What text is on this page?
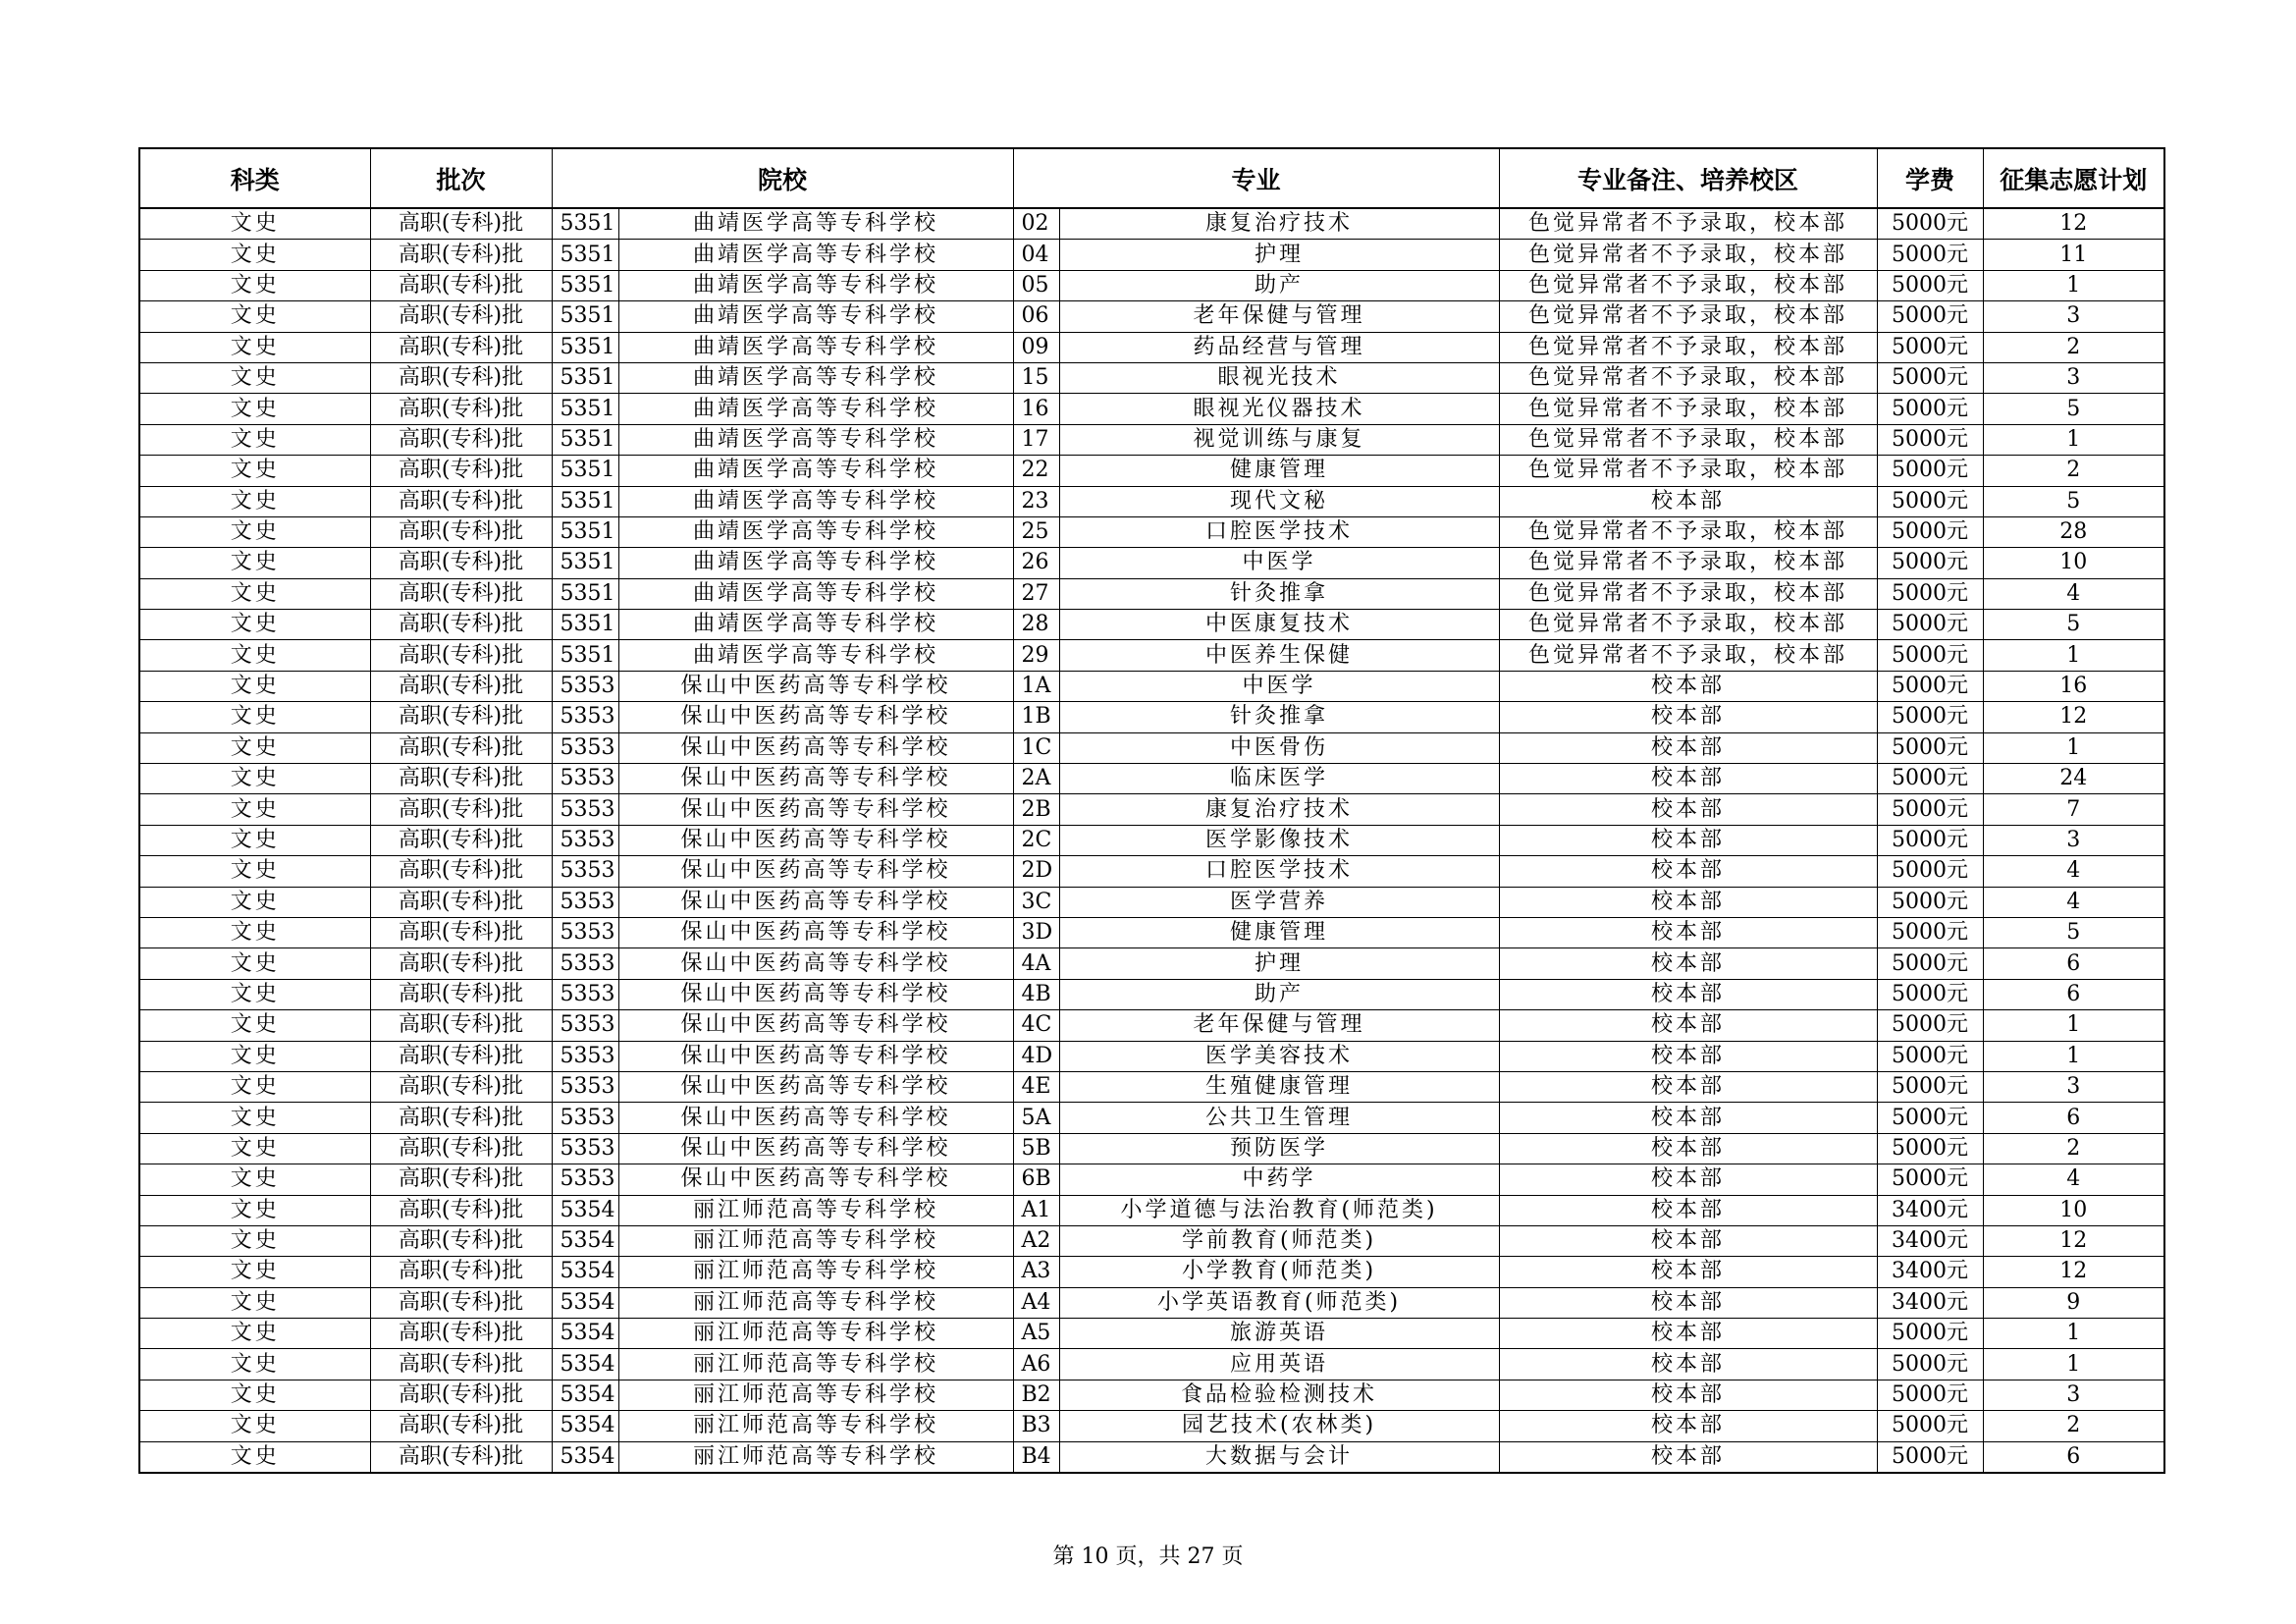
科类	批次	院校		专业		专业备注、培养校区	学费	征集志愿计划
文史	高职(专科)批	5351	曲靖医学高等专科学校	02	康复治疗技术	色觉异常者不予录取，校本部	5000元	12
文史	高职(专科)批	5351	曲靖医学高等专科学校	04	护理	色觉异常者不予录取，校本部	5000元	11
文史	高职(专科)批	5351	曲靖医学高等专科学校	05	助产	色觉异常者不予录取，校本部	5000元	1
文史	高职(专科)批	5351	曲靖医学高等专科学校	06	老年保健与管理	色觉异常者不予录取，校本部	5000元	3
文史	高职(专科)批	5351	曲靖医学高等专科学校	09	药品经营与管理	色觉异常者不予录取，校本部	5000元	2
文史	高职(专科)批	5351	曲靖医学高等专科学校	15	眼视光技术	色觉异常者不予录取，校本部	5000元	3
文史	高职(专科)批	5351	曲靖医学高等专科学校	16	眼视光仪器技术	色觉异常者不予录取，校本部	5000元	5
文史	高职(专科)批	5351	曲靖医学高等专科学校	17	视觉训练与康复	色觉异常者不予录取，校本部	5000元	1
文史	高职(专科)批	5351	曲靖医学高等专科学校	22	健康管理	色觉异常者不予录取，校本部	5000元	2
文史	高职(专科)批	5351	曲靖医学高等专科学校	23	现代文秘	校本部	5000元	5
文史	高职(专科)批	5351	曲靖医学高等专科学校	25	口腔医学技术	色觉异常者不予录取，校本部	5000元	28
文史	高职(专科)批	5351	曲靖医学高等专科学校	26	中医学	色觉异常者不予录取，校本部	5000元	10
文史	高职(专科)批	5351	曲靖医学高等专科学校	27	针灸推拿	色觉异常者不予录取，校本部	5000元	4
文史	高职(专科)批	5351	曲靖医学高等专科学校	28	中医康复技术	色觉异常者不予录取，校本部	5000元	5
文史	高职(专科)批	5351	曲靖医学高等专科学校	29	中医养生保健	色觉异常者不予录取，校本部	5000元	1
文史	高职(专科)批	5353	保山中医药高等专科学校	1A	中医学	校本部	5000元	16
文史	高职(专科)批	5353	保山中医药高等专科学校	1B	针灸推拿	校本部	5000元	12
文史	高职(专科)批	5353	保山中医药高等专科学校	1C	中医骨伤	校本部	5000元	1
文史	高职(专科)批	5353	保山中医药高等专科学校	2A	临床医学	校本部	5000元	24
文史	高职(专科)批	5353	保山中医药高等专科学校	2B	康复治疗技术	校本部	5000元	7
文史	高职(专科)批	5353	保山中医药高等专科学校	2C	医学影像技术	校本部	5000元	3
文史	高职(专科)批	5353	保山中医药高等专科学校	2D	口腔医学技术	校本部	5000元	4
文史	高职(专科)批	5353	保山中医药高等专科学校	3C	医学营养	校本部	5000元	4
文史	高职(专科)批	5353	保山中医药高等专科学校	3D	健康管理	校本部	5000元	5
文史	高职(专科)批	5353	保山中医药高等专科学校	4A	护理	校本部	5000元	6
文史	高职(专科)批	5353	保山中医药高等专科学校	4B	助产	校本部	5000元	6
文史	高职(专科)批	5353	保山中医药高等专科学校	4C	老年保健与管理	校本部	5000元	1
文史	高职(专科)批	5353	保山中医药高等专科学校	4D	医学美容技术	校本部	5000元	1
文史	高职(专科)批	5353	保山中医药高等专科学校	4E	生殖健康管理	校本部	5000元	3
文史	高职(专科)批	5353	保山中医药高等专科学校	5A	公共卫生管理	校本部	5000元	6
文史	高职(专科)批	5353	保山中医药高等专科学校	5B	预防医学	校本部	5000元	2
文史	高职(专科)批	5353	保山中医药高等专科学校	6B	中药学	校本部	5000元	4
文史	高职(专科)批	5354	丽江师范高等专科学校	A1	小学道德与法治教育(师范类)	校本部	3400元	10
文史	高职(专科)批	5354	丽江师范高等专科学校	A2	学前教育(师范类)	校本部	3400元	12
文史	高职(专科)批	5354	丽江师范高等专科学校	A3	小学教育(师范类)	校本部	3400元	12
文史	高职(专科)批	5354	丽江师范高等专科学校	A4	小学英语教育(师范类)	校本部	3400元	9
文史	高职(专科)批	5354	丽江师范高等专科学校	A5	旅游英语	校本部	5000元	1
文史	高职(专科)批	5354	丽江师范高等专科学校	A6	应用英语	校本部	5000元	1
文史	高职(专科)批	5354	丽江师范高等专科学校	B2	食品检验检测技术	校本部	5000元	3
文史	高职(专科)批	5354	丽江师范高等专科学校	B3	园艺技术(农林类)	校本部	5000元	2
文史	高职(专科)批	5354	丽江师范高等专科学校	B4	大数据与会计	校本部	5000元	6
第 10 页，共 27 页
